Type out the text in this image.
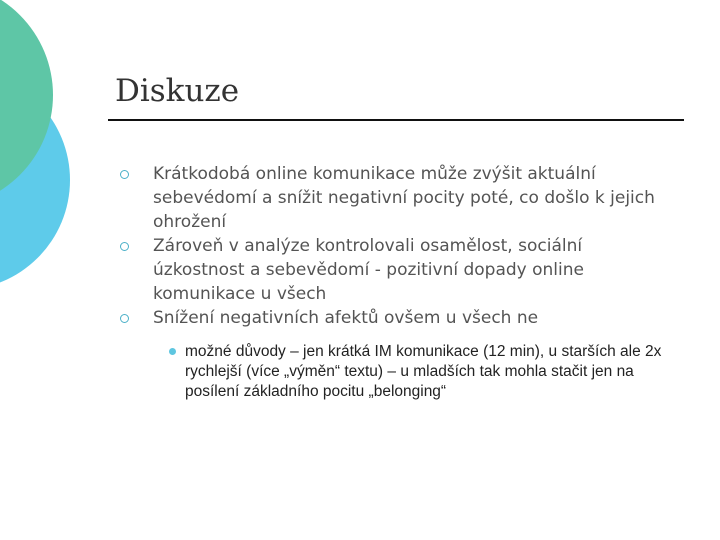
Diskuze
Krátkodobá online komunikace může zvýšit aktuální sebevédomí a snížit negativní pocity poté, co došlo k jejich ohrožení
Zároveň v analýze kontrolovali osamělost, sociální úzkostnost a sebevědomí - pozitivní dopady online komunikace u všech
Snížení negativních afektů ovšem u všech ne
možné důvody – jen krátká IM komunikace (12 min), u starších ale 2x rychlejší (více „výměn“ textu) – u mladších tak mohla stačit jen na posílení základního pocitu „belonging“
